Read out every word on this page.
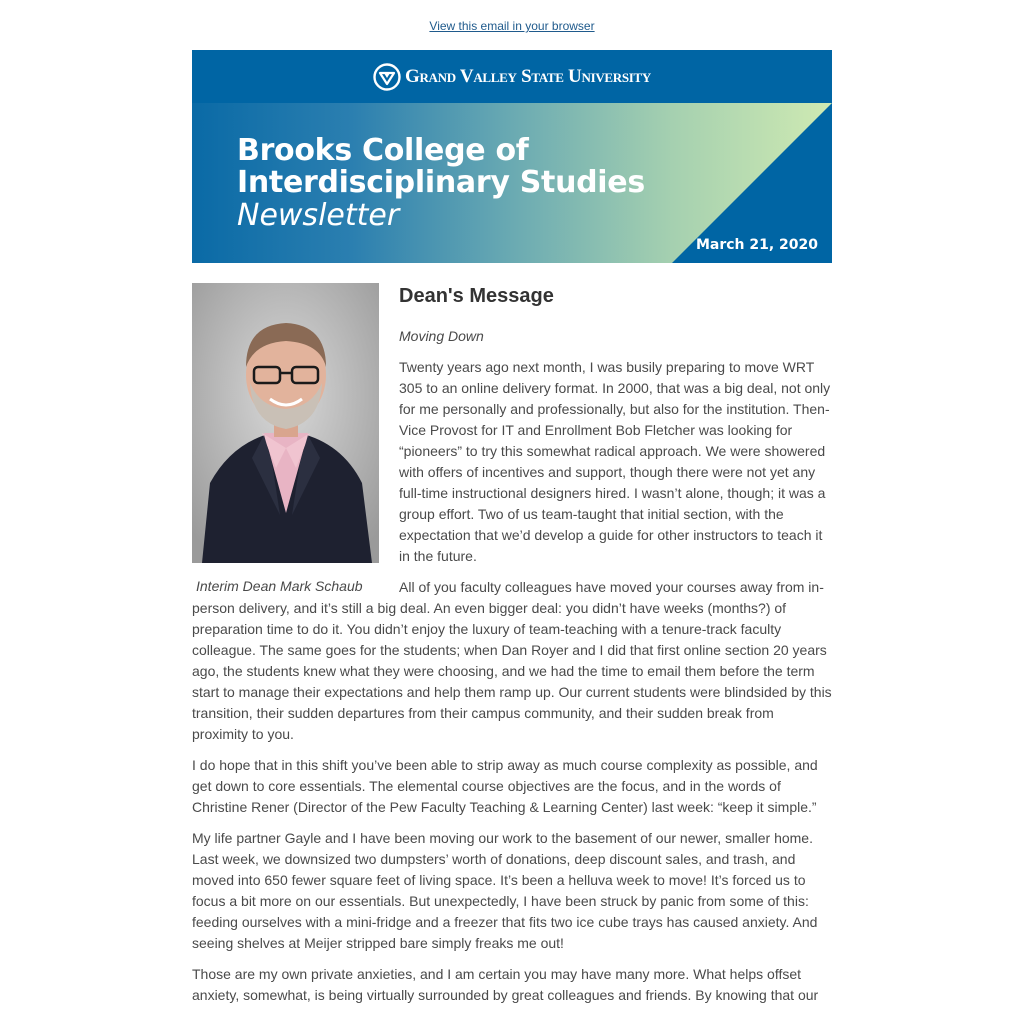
View this email in your browser
Grand Valley State University
Brooks College of
Interdisciplinary Studies
Newsletter
March 21, 2020
Interim Dean Mark Schaub
Dean's Message
Moving Down

Twenty years ago next month, I was busily preparing to move WRT 305 to an online delivery format. In 2000, that was a big deal, not only for me personally and professionally, but also for the institution. Then- Vice Provost for IT and Enrollment Bob Fletcher was looking for “pioneers” to try this somewhat radical approach. We were showered with offers of incentives and support, though there were not yet any full-time instructional designers hired. I wasn’t alone, though; it was a group effort. Two of us team-taught that initial section, with the expectation that we’d develop a guide for other instructors to teach it in the future.

All of you faculty colleagues have moved your courses away from in-person delivery, and it’s still a big deal. An even bigger deal: you didn’t have weeks (months?) of preparation time to do it. You didn’t enjoy the luxury of team-teaching with a tenure-track faculty colleague. The same goes for the students; when Dan Royer and I did that first online section 20 years ago, the students knew what they were choosing, and we had the time to email them before the term start to manage their expectations and help them ramp up. Our current students were blindsided by this transition, their sudden departures from their campus community, and their sudden break from proximity to you.

I do hope that in this shift you’ve been able to strip away as much course complexity as possible, and get down to core essentials. The elemental course objectives are the focus, and in the words of Christine Rener (Director of the Pew Faculty Teaching & Learning Center) last week: “keep it simple.”

My life partner Gayle and I have been moving our work to the basement of our newer, smaller home. Last week, we downsized two dumpsters’ worth of donations, deep discount sales, and trash, and moved into 650 fewer square feet of living space. It’s been a helluva week to move! It’s forced us to focus a bit more on our essentials. But unexpectedly, I have been struck by panic from some of this: feeding ourselves with a mini-fridge and a freezer that fits two ice cube trays has caused anxiety. And seeing shelves at Meijer stripped bare simply freaks me out!

Those are my own private anxieties, and I am certain you may have many more. What helps offset anxiety, somewhat, is being virtually surrounded by great colleagues and friends. By knowing that our
